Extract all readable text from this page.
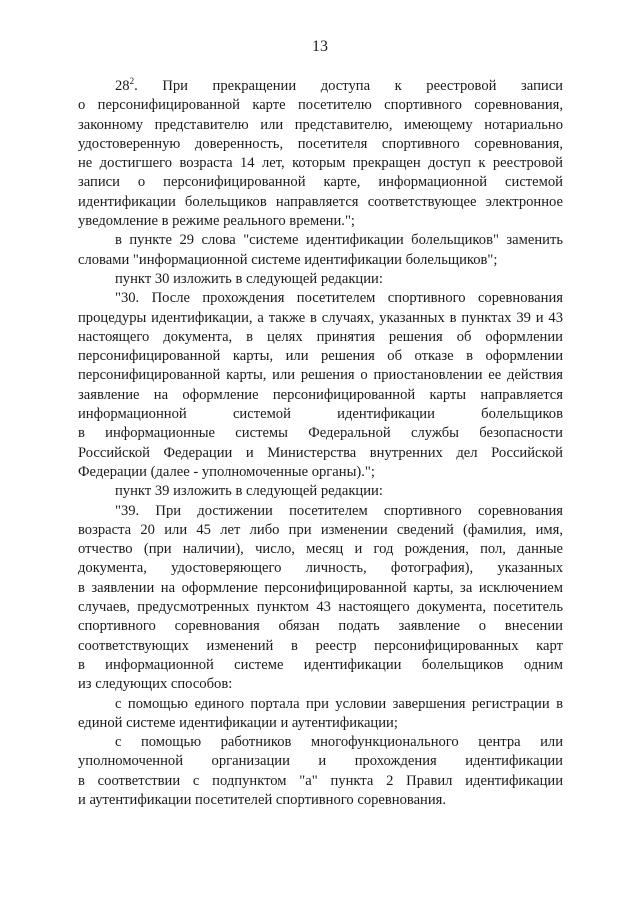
13

$28^2$. При прекращении доступа к реестровой записи
о персонифицированной карте посетителю спортивного соревнования,
законному представителю или представителю, имеющему нотариально
удостоверенную доверенность, посетителя спортивного соревнования,
не достигшего возраста 14 лет, которым прекращен доступ к реестровой
записи о персонифицированной карте, информационной системой
идентификации болельщиков направляется соответствующее электронное
уведомление в режиме реального времени.";

в пункте 29 слова "системе идентификации болельщиков" заменить
словами "информационной системе идентификации болельщиков";

пункт 30 изложить в следующей редакции:

"30. После прохождения посетителем спортивного соревнования
процедуры идентификации, а также в случаях, указанных в пунктах 39 и 43
настоящего документа, в целях принятия решения об оформлении
персонифицированной карты, или решения об отказе в оформлении
персонифицированной карты, или решения о приостановлении ее действия
заявление на оформление персонифицированной карты направляется
информационной системой идентификации болельщиков
в информационные системы Федеральной службы безопасности
Российской Федерации и Министерства внутренних дел Российской
Федерации (далее - уполномоченные органы).";

пункт 39 изложить в следующей редакции:

"39. При достижении посетителем спортивного соревнования
возраста 20 или 45 лет либо при изменении сведений (фамилия, имя,
отчество (при наличии), число, месяц и год рождения, пол, данные
документа, удостоверяющего личность, фотография), указанных
в заявлении на оформление персонифицированной карты, за исключением
случаев, предусмотренных пунктом 43 настоящего документа, посетитель
спортивного соревнования обязан подать заявление о внесении
соответствующих изменений в реестр персонифицированных карт
в информационной системе идентификации болельщиков одним
из следующих способов:

с помощью единого портала при условии завершения регистрации в
единой системе идентификации и аутентификации;

с помощью работников многофункционального центра или
уполномоченной организации и прохождения идентификации
в соответствии с подпунктом "а" пункта 2 Правил идентификации
и аутентификации посетителей спортивного соревнования.
